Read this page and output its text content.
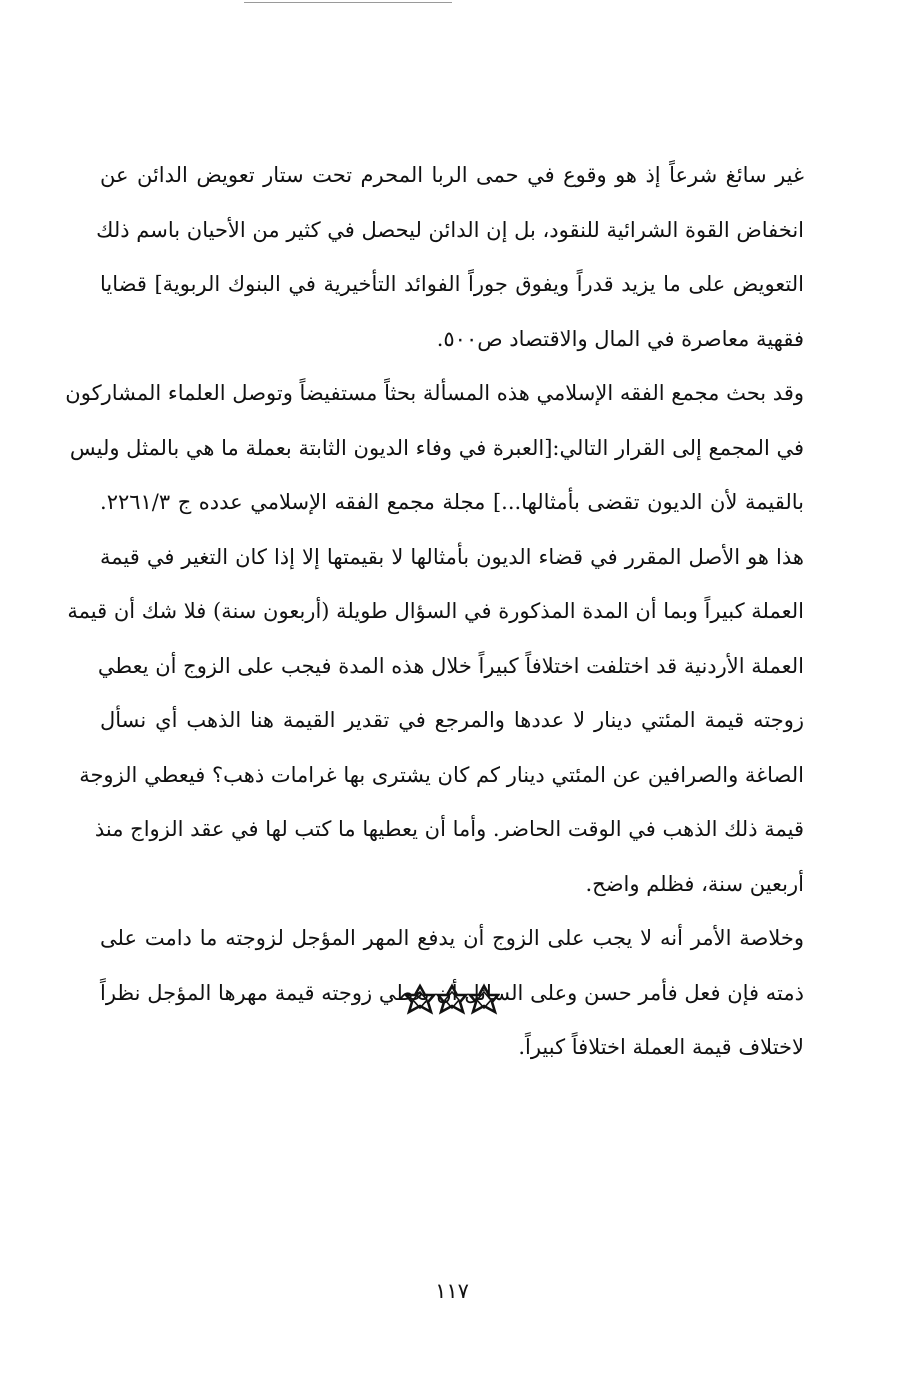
غير سائغ شرعاً إذ هو وقوع في حمى الربا المحرم تحت ستار تعويض الدائن عن
انخفاض القوة الشرائية للنقود، بل إن الدائن ليحصل في كثير من الأحيان باسم ذلك
التعويض على ما يزيد قدراً ويفوق جوراً الفوائد التأخيرية في البنوك الربوية] قضايا
فقهية معاصرة في المال والاقتصاد ص٥٠٠.
وقد بحث مجمع الفقه الإسلامي هذه المسألة بحثاً مستفيضاً وتوصل العلماء المشاركون
في المجمع إلى القرار التالي:[العبرة في وفاء الديون الثابتة بعملة ما هي بالمثل وليس
بالقيمة لأن الديون تقضى بأمثالها...] مجلة مجمع الفقه الإسلامي عدده ج ٢٢٦١/٣.
هذا هو الأصل المقرر في قضاء الديون بأمثالها لا بقيمتها إلا إذا كان التغير في قيمة
العملة كبيراً وبما أن المدة المذكورة في السؤال طويلة (أربعون سنة) فلا شك أن قيمة
العملة الأردنية قد اختلفت اختلافاً كبيراً خلال هذه المدة فيجب على الزوج أن يعطي
زوجته قيمة المئتي دينار لا عددها والمرجع في تقدير القيمة هنا الذهب أي نسأل
الصاغة والصرافين عن المئتي دينار كم كان يشترى بها غرامات ذهب؟ فيعطي الزوجة
قيمة ذلك الذهب في الوقت الحاضر. وأما أن يعطيها ما كتب لها في عقد الزواج منذ
أربعين سنة، فظلم واضح.
وخلاصة الأمر أنه لا يجب على الزوج أن يدفع المهر المؤجل لزوجته ما دامت على
ذمته فإن فعل فأمر حسن وعلى السائل أن يعطي زوجته قيمة مهرها المؤجل نظراً
لاختلاف قيمة العملة اختلافاً كبيراً.
١١٧
